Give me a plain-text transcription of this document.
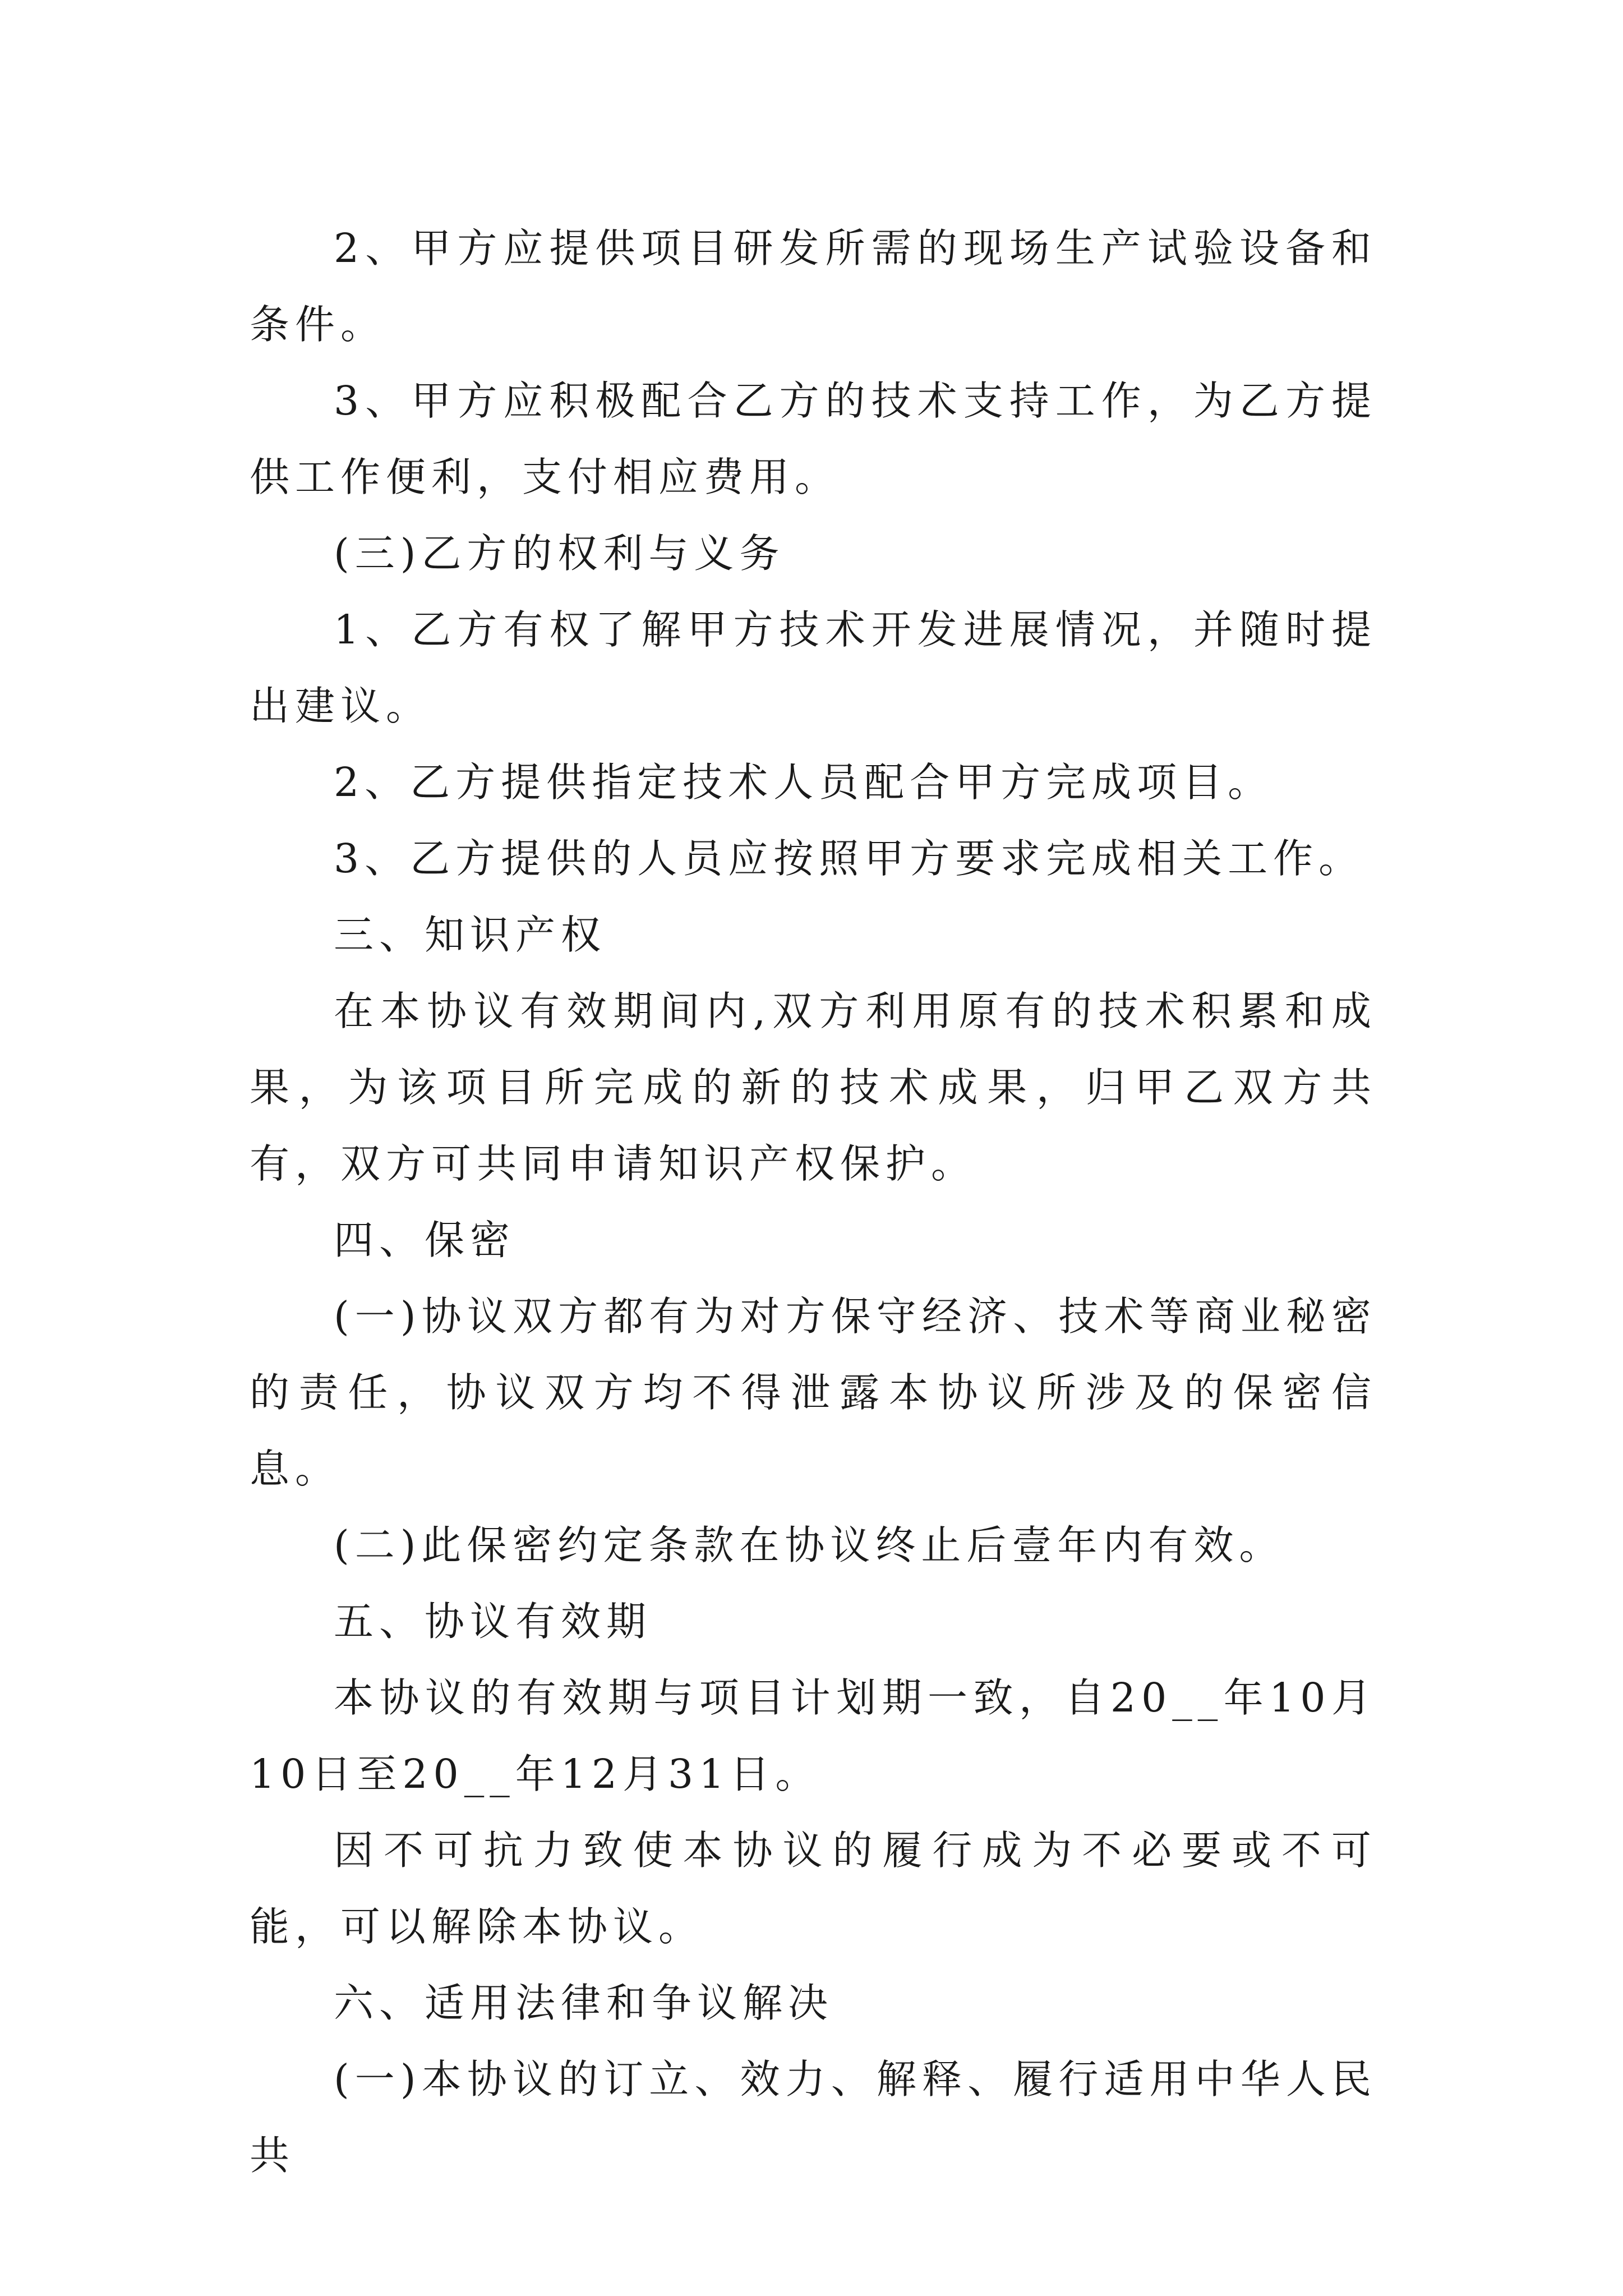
2、甲方应提供项目研发所需的现场生产试验设备和条件。

3、甲方应积极配合乙方的技术支持工作，为乙方提供工作便利，支付相应费用。

(三)乙方的权利与义务

1、乙方有权了解甲方技术开发进展情况，并随时提出建议。

2、乙方提供指定技术人员配合甲方完成项目。

3、乙方提供的人员应按照甲方要求完成相关工作。

三、知识产权

在本协议有效期间内,双方利用原有的技术积累和成果，为该项目所完成的新的技术成果，归甲乙双方共有，双方可共同申请知识产权保护。

四、保密

(一)协议双方都有为对方保守经济、技术等商业秘密的责任，协议双方均不得泄露本协议所涉及的保密信息。

(二)此保密约定条款在协议终止后壹年内有效。

五、协议有效期

本协议的有效期与项目计划期一致，自20__年10月10日至20__年12月31日。

因不可抗力致使本协议的履行成为不必要或不可能，可以解除本协议。

六、适用法律和争议解决

(一)本协议的订立、效力、解释、履行适用中华人民共
